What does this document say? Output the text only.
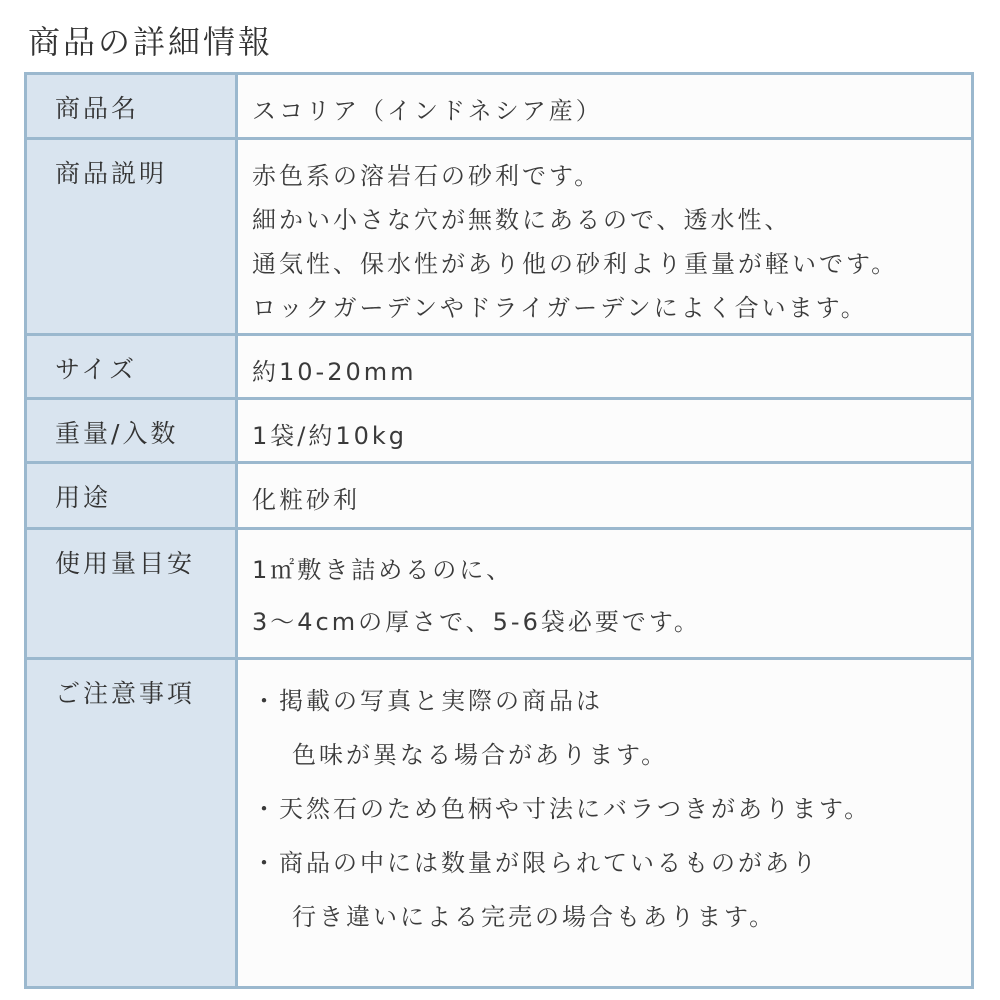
商品の詳細情報
商品名	スコリア（インドネシア産）
商品説明	赤色系の溶岩石の砂利です。
細かい小さな穴が無数にあるので、透水性、
通気性、保水性があり他の砂利より重量が軽いです。
ロックガーデンやドライガーデンによく合います。
サイズ	約10-20mm
重量/入数	1袋/約10kg
用途	化粧砂利
使用量目安	1㎡敷き詰めるのに、
3～4cmの厚さで、5-6袋必要です。
ご注意事項	・掲載の写真と実際の商品は
色味が異なる場合があります。
・天然石のため色柄や寸法にバラつきがあります。
・商品の中には数量が限られているものがあり
行き違いによる完売の場合もあります。
